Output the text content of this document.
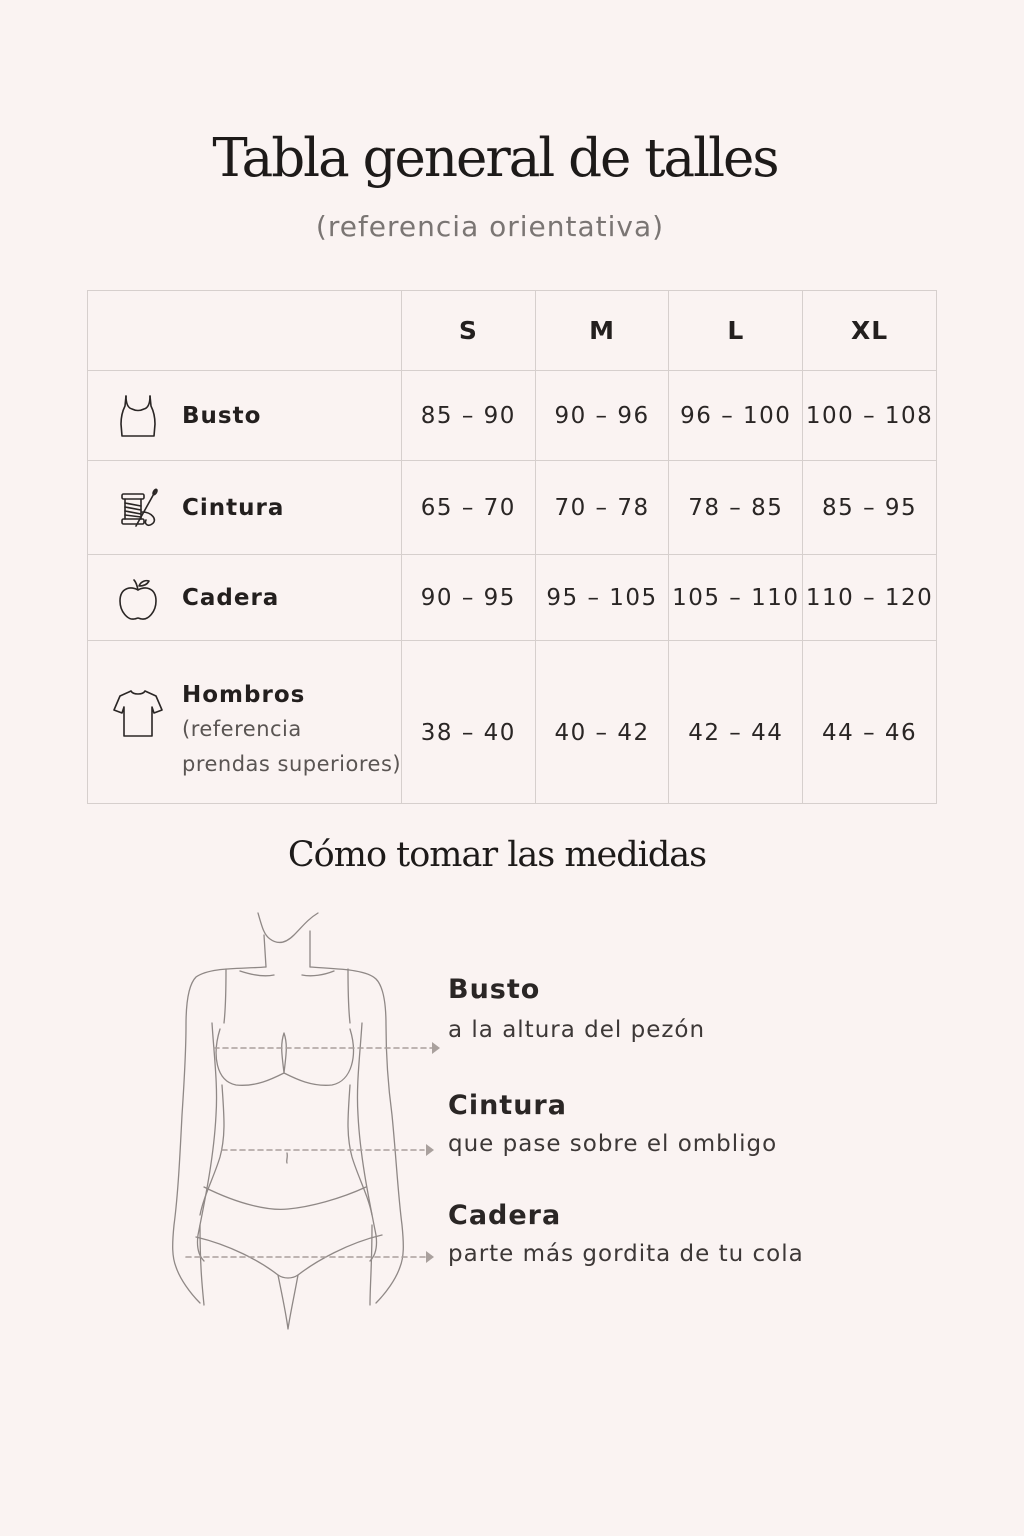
Tabla general de talles

(referencia orientativa)

	S	M	L	XL

Busto	85 – 90	90 – 96	96 – 100	100 – 108

Cintura	65 – 70	70 – 78	78 – 85	85 – 95

Cadera	90 – 95	95 – 105	105 – 110	110 – 120

Hombros
(referencia
prendas superiores)	38 – 40	40 – 42	42 – 44	44 – 46
Cómo tomar las medidas
Busto
a la altura del pezón
Cintura
que pase sobre el ombligo
Cadera
parte más gordita de tu cola
